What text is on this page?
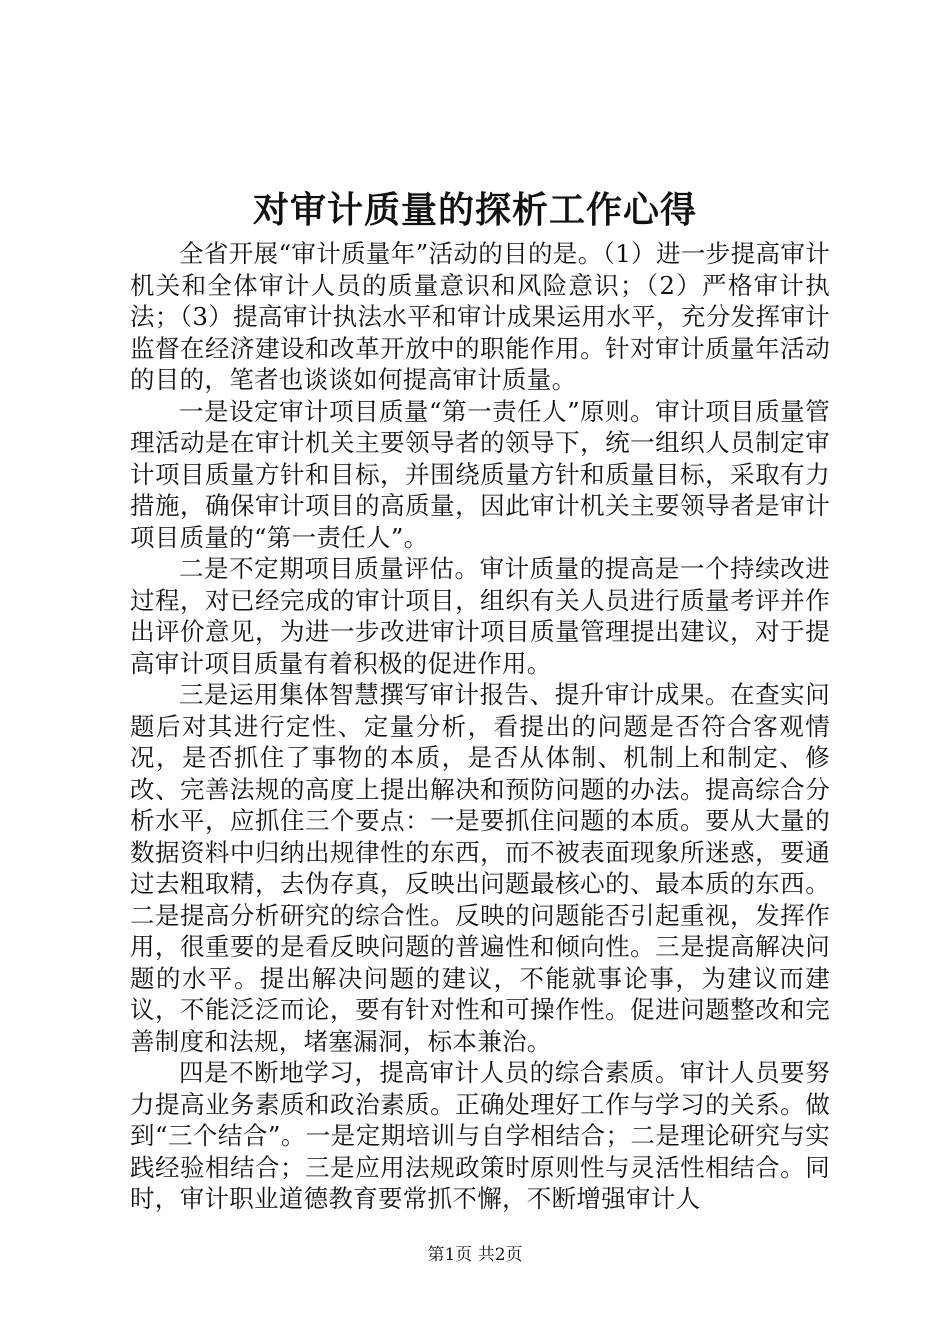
对审计质量的探析工作心得

全省开展“审计质量年”活动的目的是。（1）进一步提高审计机关和全体审计人员的质量意识和风险意识；（2）严格审计执法；（3）提高审计执法水平和审计成果运用水平，充分发挥审计监督在经济建设和改革开放中的职能作用。针对审计质量年活动的目的，笔者也谈谈如何提高审计质量。

一是设定审计项目质量“第一责任人”原则。审计项目质量管理活动是在审计机关主要领导者的领导下，统一组织人员制定审计项目质量方针和目标，并围绕质量方针和质量目标，采取有力措施，确保审计项目的高质量，因此审计机关主要领导者是审计项目质量的“第一责任人”。

二是不定期项目质量评估。审计质量的提高是一个持续改进过程，对已经完成的审计项目，组织有关人员进行质量考评并作出评价意见，为进一步改进审计项目质量管理提出建议，对于提高审计项目质量有着积极的促进作用。

三是运用集体智慧撰写审计报告、提升审计成果。在查实问题后对其进行定性、定量分析，看提出的问题是否符合客观情况，是否抓住了事物的本质，是否从体制、机制上和制定、修改、完善法规的高度上提出解决和预防问题的办法。提高综合分析水平，应抓住三个要点：一是要抓住问题的本质。要从大量的数据资料中归纳出规律性的东西，而不被表面现象所迷惑，要通过去粗取精，去伪存真，反映出问题最核心的、最本质的东西。二是提高分析研究的综合性。反映的问题能否引起重视，发挥作用，很重要的是看反映问题的普遍性和倾向性。三是提高解决问题的水平。提出解决问题的建议，不能就事论事，为建议而建议，不能泛泛而论，要有针对性和可操作性。促进问题整改和完善制度和法规，堵塞漏洞，标本兼治。

四是不断地学习，提高审计人员的综合素质。审计人员要努力提高业务素质和政治素质。正确处理好工作与学习的关系。做到“三个结合”。一是定期培训与自学相结合；二是理论研究与实践经验相结合；三是应用法规政策时原则性与灵活性相结合。同时，审计职业道德教育要常抓不懈，不断增强审计人

第1页 共2页
